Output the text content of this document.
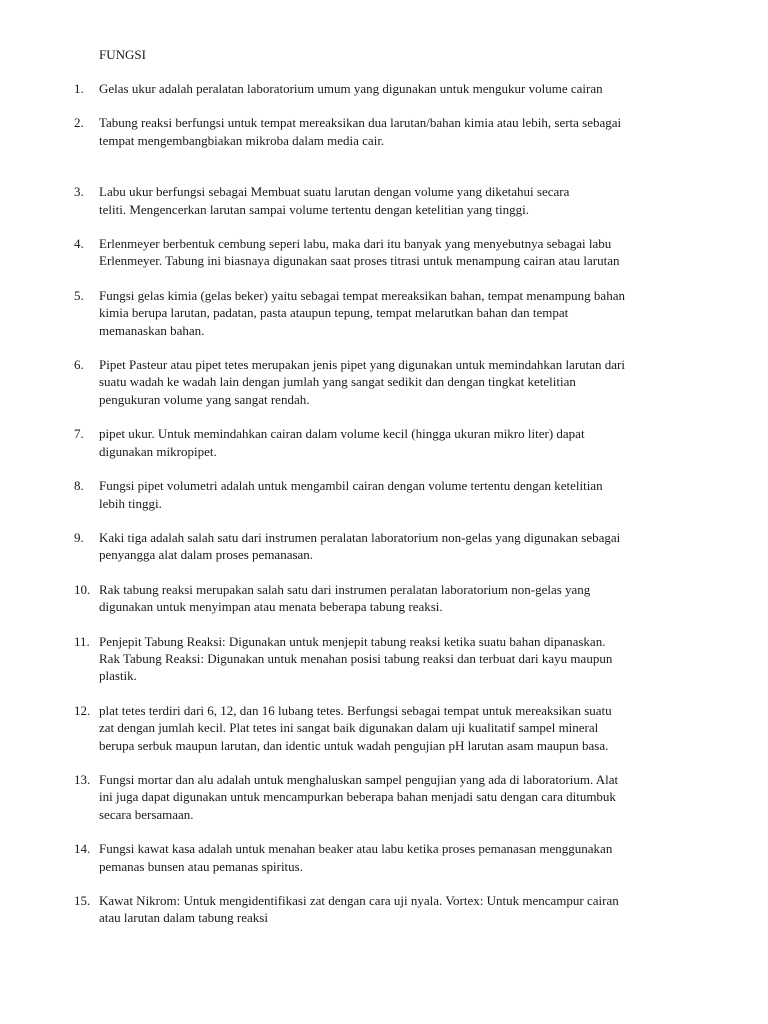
FUNGSI
1.	Gelas ukur adalah peralatan laboratorium umum yang digunakan untuk mengukur volume cairan
2.	Tabung reaksi berfungsi untuk tempat mereaksikan dua larutan/bahan kimia atau lebih, serta sebagai
tempat mengembangbiakan mikroba dalam media cair.
3.	Labu ukur berfungsi sebagai Membuat suatu larutan dengan volume yang diketahui secara
teliti. Mengencerkan larutan sampai volume tertentu dengan ketelitian yang tinggi.
4.	Erlenmeyer berbentuk cembung seperi labu, maka dari itu banyak yang menyebutnya sebagai labu
Erlenmeyer. Tabung ini biasnaya digunakan saat proses titrasi untuk menampung cairan atau larutan
5.	Fungsi gelas kimia (gelas beker) yaitu sebagai tempat mereaksikan bahan, tempat menampung bahan
kimia berupa larutan, padatan, pasta ataupun tepung, tempat melarutkan bahan dan tempat
memanaskan bahan.
6.	Pipet Pasteur atau pipet tetes merupakan jenis pipet yang digunakan untuk memindahkan larutan dari
suatu wadah ke wadah lain dengan jumlah yang sangat sedikit dan dengan tingkat ketelitian
pengukuran volume yang sangat rendah.
7.	pipet ukur. Untuk memindahkan cairan dalam volume kecil (hingga ukuran mikro liter) dapat
digunakan mikropipet.
8.	Fungsi pipet volumetri adalah untuk mengambil cairan dengan volume tertentu dengan ketelitian
lebih tinggi.
9.	Kaki tiga adalah salah satu dari instrumen peralatan laboratorium non-gelas yang digunakan sebagai
penyangga alat dalam proses pemanasan.
10. Rak tabung reaksi merupakan salah satu dari instrumen peralatan laboratorium non-gelas yang
digunakan untuk menyimpan atau menata beberapa tabung reaksi.
11. Penjepit Tabung Reaksi: Digunakan untuk menjepit tabung reaksi ketika suatu bahan dipanaskan.
Rak Tabung Reaksi: Digunakan untuk menahan posisi tabung reaksi dan terbuat dari kayu maupun
plastik.
12. plat tetes terdiri dari 6, 12, dan 16 lubang tetes. Berfungsi sebagai tempat untuk mereaksikan suatu
zat dengan jumlah kecil. Plat tetes ini sangat baik digunakan dalam uji kualitatif sampel mineral
berupa serbuk maupun larutan, dan identic untuk wadah pengujian pH larutan asam maupun basa.
13. Fungsi mortar dan alu adalah untuk menghaluskan sampel pengujian yang ada di laboratorium. Alat
ini juga dapat digunakan untuk mencampurkan beberapa bahan menjadi satu dengan cara ditumbuk
secara bersamaan.
14. Fungsi kawat kasa adalah untuk menahan beaker atau labu ketika proses pemanasan menggunakan
pemanas bunsen atau pemanas spiritus.
15. Kawat Nikrom: Untuk mengidentifikasi zat dengan cara uji nyala. Vortex: Untuk mencampur cairan
atau larutan dalam tabung reaksi
